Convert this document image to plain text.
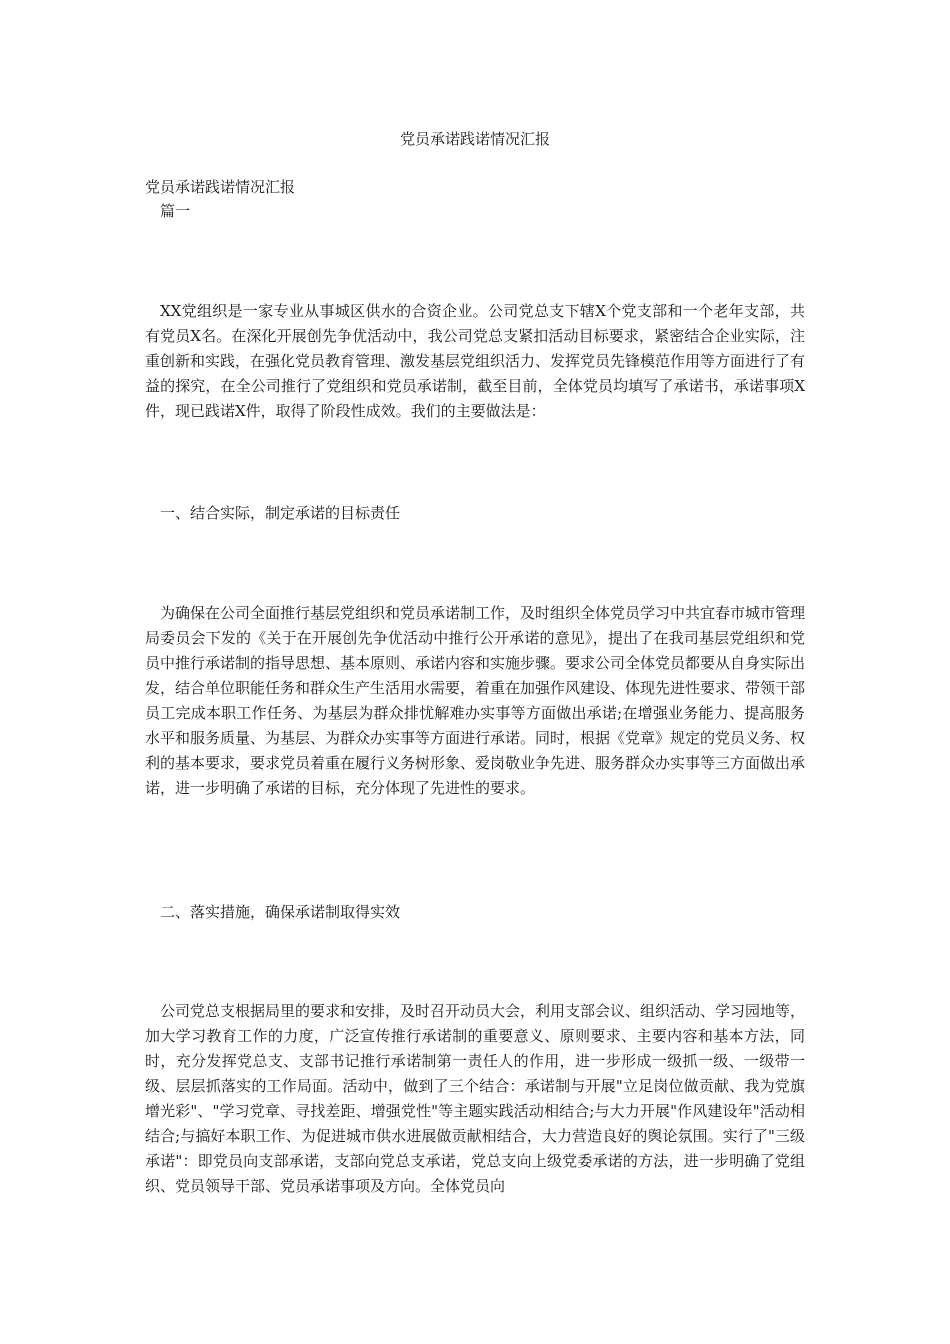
党员承诺践诺情况汇报
党员承诺践诺情况汇报
篇一

XX党组织是一家专业从事城区供水的合资企业。公司党总支下辖X个党支部和一个老年支部，共有党员X名。在深化开展创先争优活动中，我公司党总支紧扣活动目标要求，紧密结合企业实际，注重创新和实践，在强化党员教育管理、激发基层党组织活力、发挥党员先锋模范作用等方面进行了有益的探究，在全公司推行了党组织和党员承诺制，截至目前，全体党员均填写了承诺书，承诺事项X件，现已践诺X件，取得了阶段性成效。我们的主要做法是：

一、结合实际，制定承诺的目标责任

为确保在公司全面推行基层党组织和党员承诺制工作，及时组织全体党员学习中共宜春市城市管理局委员会下发的《关于在开展创先争优活动中推行公开承诺的意见》，提出了在我司基层党组织和党员中推行承诺制的指导思想、基本原则、承诺内容和实施步骤。要求公司全体党员都要从自身实际出发，结合单位职能任务和群众生产生活用水需要，着重在加强作风建设、体现先进性要求、带领干部员工完成本职工作任务、为基层为群众排忧解难办实事等方面做出承诺;在增强业务能力、提高服务水平和服务质量、为基层、为群众办实事等方面进行承诺。同时，根据《党章》规定的党员义务、权利的基本要求，要求党员着重在履行义务树形象、爱岗敬业争先进、服务群众办实事等三方面做出承诺，进一步明确了承诺的目标，充分体现了先进性的要求。

二、落实措施，确保承诺制取得实效

公司党总支根据局里的要求和安排，及时召开动员大会，利用支部会议、组织活动、学习园地等，加大学习教育工作的力度，广泛宣传推行承诺制的重要意义、原则要求、主要内容和基本方法，同时，充分发挥党总支、支部书记推行承诺制第一责任人的作用，进一步形成一级抓一级、一级带一级、层层抓落实的工作局面。活动中，做到了三个结合：承诺制与开展"立足岗位做贡献、我为党旗增光彩"、"学习党章、寻找差距、增强党性"等主题实践活动相结合;与大力开展"作风建设年"活动相结合;与搞好本职工作、为促进城市供水进展做贡献相结合，大力营造良好的舆论氛围。实行了"三级承诺"：即党员向支部承诺，支部向党总支承诺，党总支向上级党委承诺的方法，进一步明确了党组织、党员领导干部、党员承诺事项及方向。全体党员向
